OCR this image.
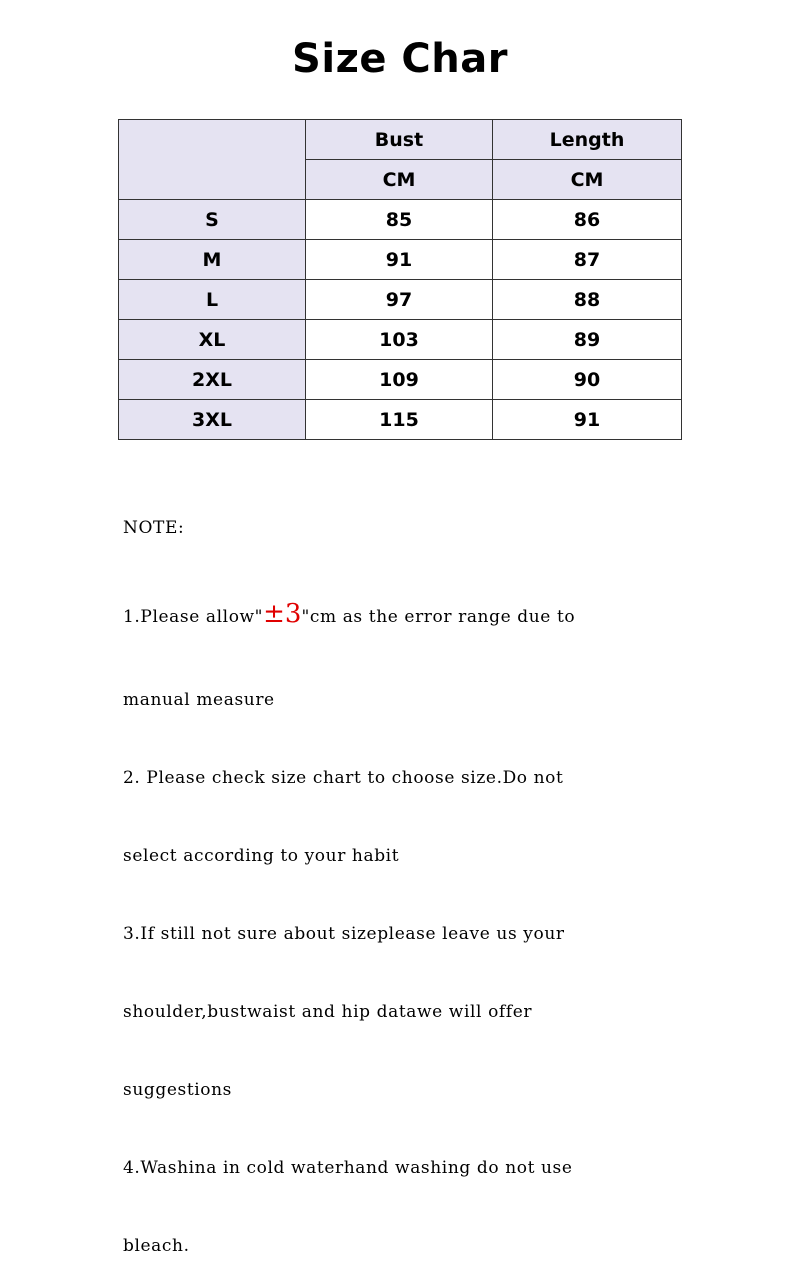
Size Char
	Bust	Length
	CM	CM
S	85	86
M	91	87
L	97	88
XL	103	89
2XL	109	90
3XL	115	91

NOTE:

1.Please allow"±3"cm as the error range due to

manual measure

2. Please check size chart to choose size.Do not

select according to your habit

3.If still not sure about sizeplease leave us your

shoulder,bustwaist and hip datawe will offer

suggestions

4.Washina in cold waterhand washing do not use

bleach.
